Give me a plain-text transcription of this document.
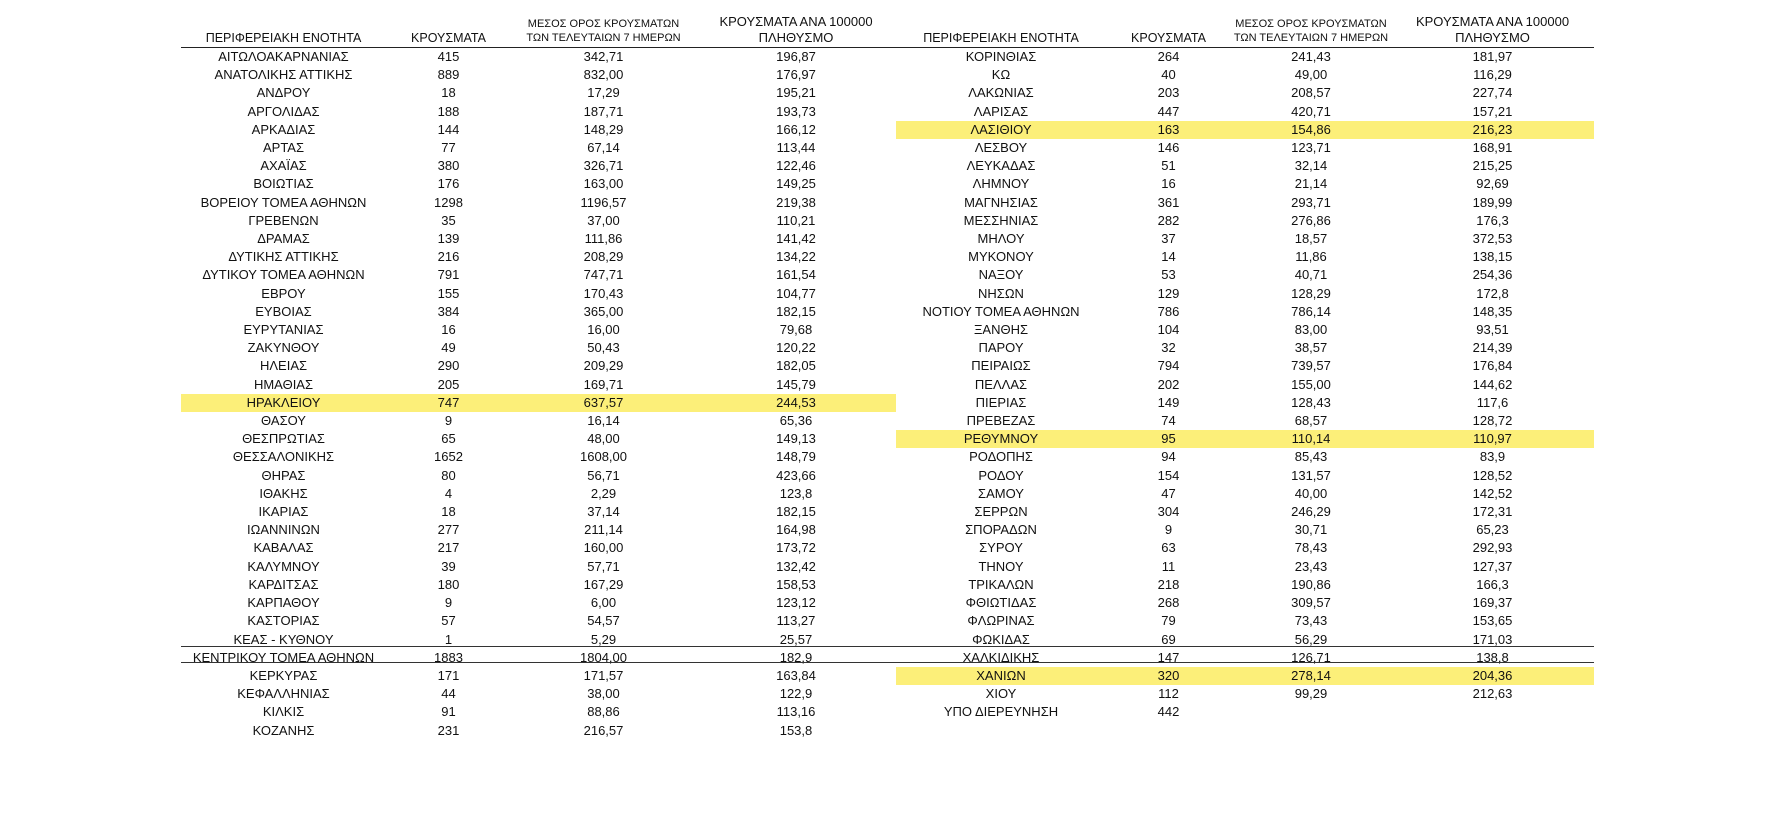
ΠΕΡΙΦΕΡΕΙΑΚΗ ΕΝΟΤΗΤΑ	ΚΡΟΥΣΜΑΤΑ	ΜΕΣΟΣ ΟΡΟΣ ΚΡΟΥΣΜΑΤΩΝ
ΤΩΝ ΤΕΛΕΥΤΑΙΩΝ 7 ΗΜΕΡΩΝ	ΚΡΟΥΣΜΑΤΑ ΑΝΑ 100000
ΠΛΗΘΥΣΜΟ	ΠΕΡΙΦΕΡΕΙΑΚΗ ΕΝΟΤΗΤΑ	ΚΡΟΥΣΜΑΤΑ	ΜΕΣΟΣ ΟΡΟΣ ΚΡΟΥΣΜΑΤΩΝ
ΤΩΝ ΤΕΛΕΥΤΑΙΩΝ 7 ΗΜΕΡΩΝ	ΚΡΟΥΣΜΑΤΑ ΑΝΑ 100000
ΠΛΗΘΥΣΜΟ
ΑΙΤΩΛΟΑΚΑΡΝΑΝΙΑΣ	415	342,71	196,87	ΚΟΡΙΝΘΙΑΣ	264	241,43	181,97
ΑΝΑΤΟΛΙΚΗΣ ΑΤΤΙΚΗΣ	889	832,00	176,97	ΚΩ	40	49,00	116,29
ΑΝΔΡΟΥ	18	17,29	195,21	ΛΑΚΩΝΙΑΣ	203	208,57	227,74
ΑΡΓΟΛΙΔΑΣ	188	187,71	193,73	ΛΑΡΙΣΑΣ	447	420,71	157,21
ΑΡΚΑΔΙΑΣ	144	148,29	166,12	ΛΑΣΙΘΙΟΥ	163	154,86	216,23
ΑΡΤΑΣ	77	67,14	113,44	ΛΕΣΒΟΥ	146	123,71	168,91
ΑΧΑΪΑΣ	380	326,71	122,46	ΛΕΥΚΑΔΑΣ	51	32,14	215,25
ΒΟΙΩΤΙΑΣ	176	163,00	149,25	ΛΗΜΝΟΥ	16	21,14	92,69
ΒΟΡΕΙΟΥ ΤΟΜΕΑ ΑΘΗΝΩΝ	1298	1196,57	219,38	ΜΑΓΝΗΣΙΑΣ	361	293,71	189,99
ΓΡΕΒΕΝΩΝ	35	37,00	110,21	ΜΕΣΣΗΝΙΑΣ	282	276,86	176,3
ΔΡΑΜΑΣ	139	111,86	141,42	ΜΗΛΟΥ	37	18,57	372,53
ΔΥΤΙΚΗΣ ΑΤΤΙΚΗΣ	216	208,29	134,22	ΜΥΚΟΝΟΥ	14	11,86	138,15
ΔΥΤΙΚΟΥ ΤΟΜΕΑ ΑΘΗΝΩΝ	791	747,71	161,54	ΝΑΞΟΥ	53	40,71	254,36
ΕΒΡΟΥ	155	170,43	104,77	ΝΗΣΩΝ	129	128,29	172,8
ΕΥΒΟΙΑΣ	384	365,00	182,15	ΝΟΤΙΟΥ ΤΟΜΕΑ ΑΘΗΝΩΝ	786	786,14	148,35
ΕΥΡΥΤΑΝΙΑΣ	16	16,00	79,68	ΞΑΝΘΗΣ	104	83,00	93,51
ΖΑΚΥΝΘΟΥ	49	50,43	120,22	ΠΑΡΟΥ	32	38,57	214,39
ΗΛΕΙΑΣ	290	209,29	182,05	ΠΕΙΡΑΙΩΣ	794	739,57	176,84
ΗΜΑΘΙΑΣ	205	169,71	145,79	ΠΕΛΛΑΣ	202	155,00	144,62
ΗΡΑΚΛΕΙΟΥ	747	637,57	244,53	ΠΙΕΡΙΑΣ	149	128,43	117,6
ΘΑΣΟΥ	9	16,14	65,36	ΠΡΕΒΕΖΑΣ	74	68,57	128,72
ΘΕΣΠΡΩΤΙΑΣ	65	48,00	149,13	ΡΕΘΥΜΝΟΥ	95	110,14	110,97
ΘΕΣΣΑΛΟΝΙΚΗΣ	1652	1608,00	148,79	ΡΟΔΟΠΗΣ	94	85,43	83,9
ΘΗΡΑΣ	80	56,71	423,66	ΡΟΔΟΥ	154	131,57	128,52
ΙΘΑΚΗΣ	4	2,29	123,8	ΣΑΜΟΥ	47	40,00	142,52
ΙΚΑΡΙΑΣ	18	37,14	182,15	ΣΕΡΡΩΝ	304	246,29	172,31
ΙΩΑΝΝΙΝΩΝ	277	211,14	164,98	ΣΠΟΡΑΔΩΝ	9	30,71	65,23
ΚΑΒΑΛΑΣ	217	160,00	173,72	ΣΥΡΟΥ	63	78,43	292,93
ΚΑΛΥΜΝΟΥ	39	57,71	132,42	ΤΗΝΟΥ	11	23,43	127,37
ΚΑΡΔΙΤΣΑΣ	180	167,29	158,53	ΤΡΙΚΑΛΩΝ	218	190,86	166,3
ΚΑΡΠΑΘΟΥ	9	6,00	123,12	ΦΘΙΩΤΙΔΑΣ	268	309,57	169,37
ΚΑΣΤΟΡΙΑΣ	57	54,57	113,27	ΦΛΩΡΙΝΑΣ	79	73,43	153,65
ΚΕΑΣ - ΚΥΘΝΟΥ	1	5,29	25,57	ΦΩΚΙΔΑΣ	69	56,29	171,03
ΚΕΝΤΡΙΚΟΥ ΤΟΜΕΑ ΑΘΗΝΩΝ	1883	1804,00	182,9	ΧΑΛΚΙΔΙΚΗΣ	147	126,71	138,8
ΚΕΡΚΥΡΑΣ	171	171,57	163,84	ΧΑΝΙΩΝ	320	278,14	204,36
ΚΕΦΑΛΛΗΝΙΑΣ	44	38,00	122,9	ΧΙΟΥ	112	99,29	212,63
ΚΙΛΚΙΣ	91	88,86	113,16	ΥΠΟ ΔΙΕΡΕΥΝΗΣΗ	442		
ΚΟΖΑΝΗΣ	231	216,57	153,8				
